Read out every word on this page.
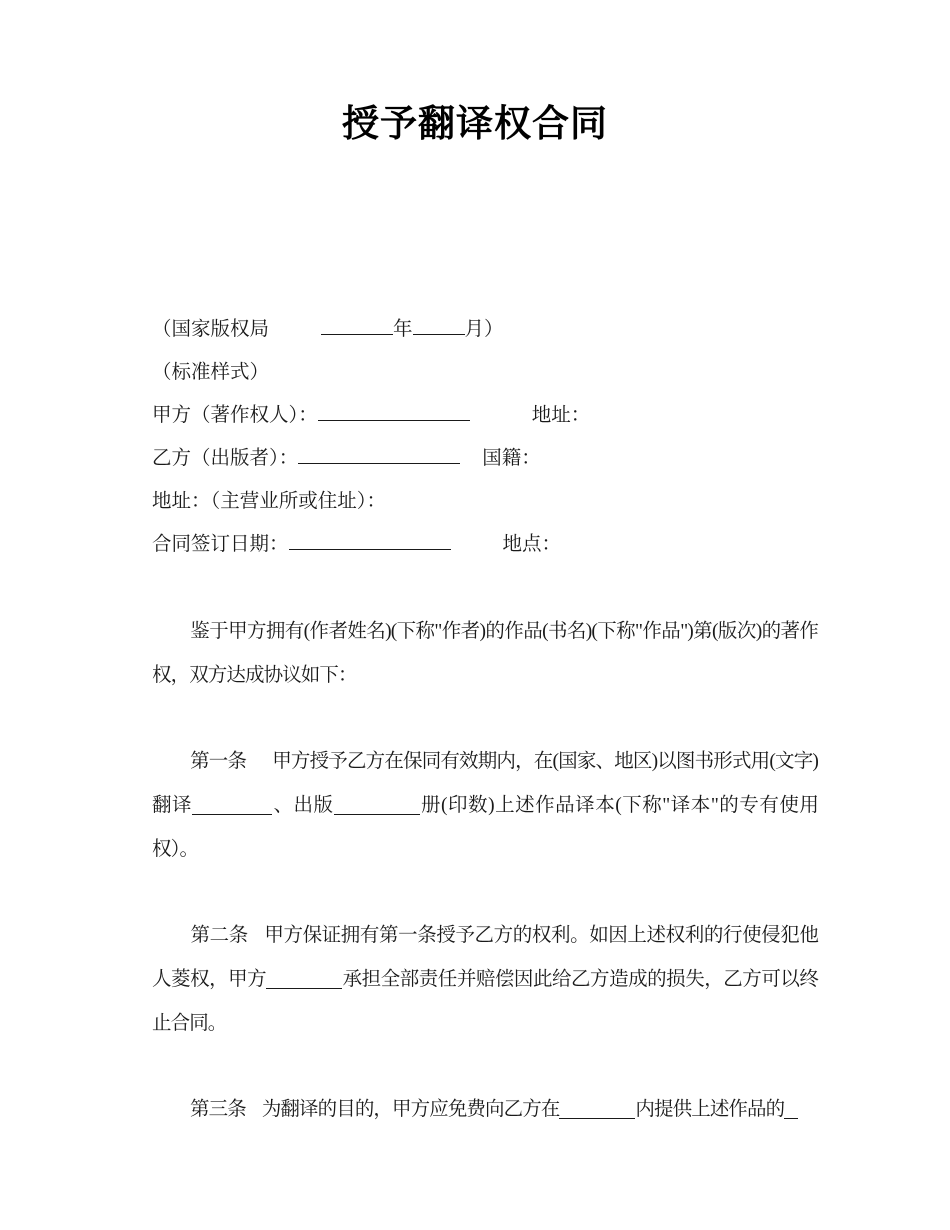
授予翻译权合同
（国家版权局	年	月）
（标准样式）
甲方（著作权人）：	地址：
乙方（出版者）：	国籍：
地址：（主营业所或住址）：
合同签订日期：	地点：

鉴于甲方拥有(作者姓名)(下称"作者)的作品(书名)(下称"作品")第(版次)的著作权，双方达成协议如下：

第一条 甲方授予乙方在保同有效期内，在(国家、地区)以图书形式用(文字)翻译	、出版	册(印数)上述作品译本(下称"译本"的专有使用权）。

第二条 甲方保证拥有第一条授予乙方的权利。如因上述权利的行使侵犯他人菱权，甲方	承担全部责任并赔偿因此给乙方造成的损失，乙方可以终止合同。

第三条 为翻译的目的，甲方应免费向乙方在	内提供上述作品的
